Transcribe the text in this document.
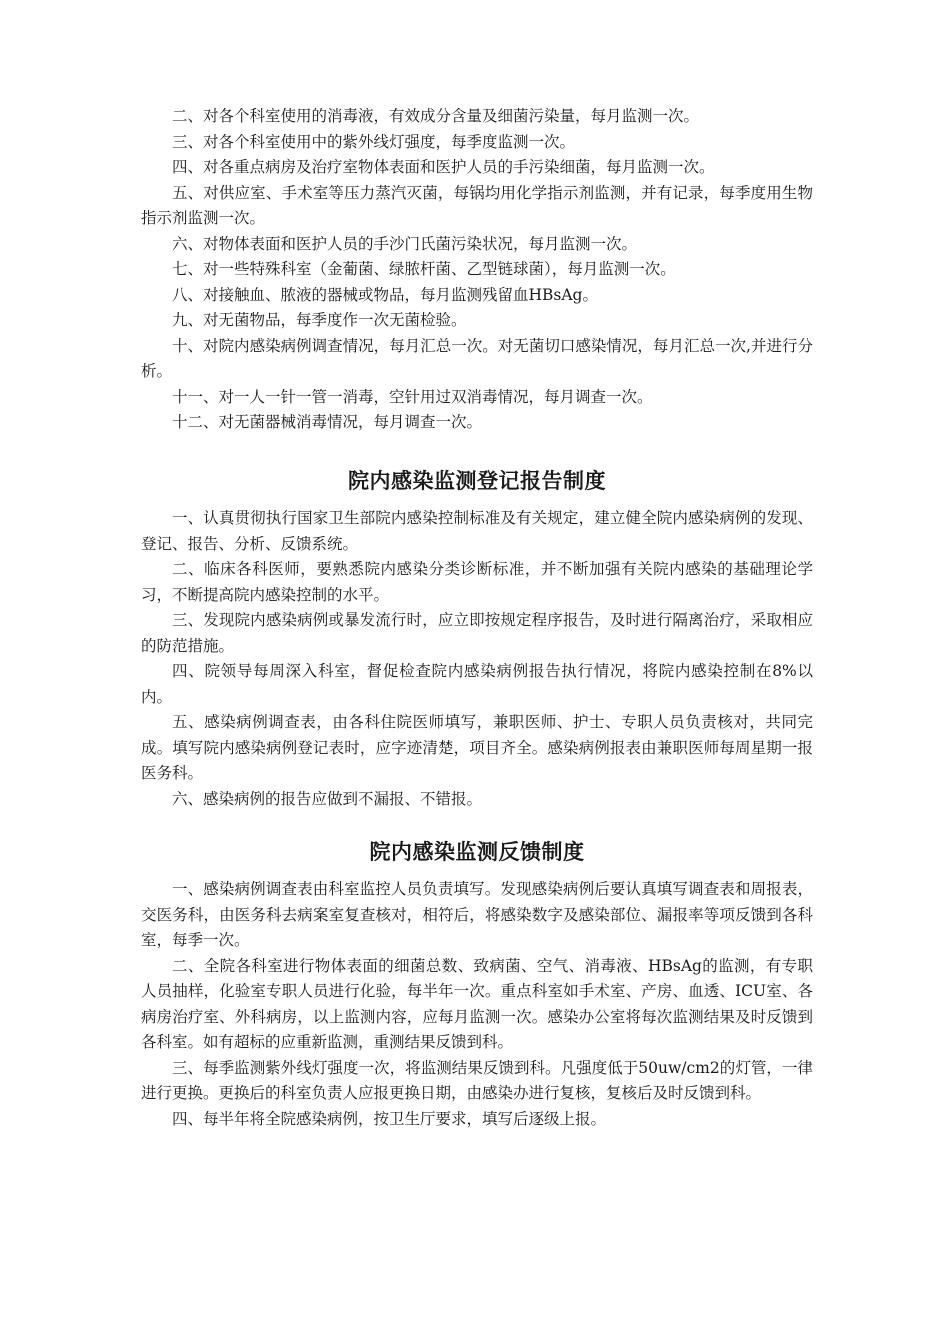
二、对各个科室使用的消毒液，有效成分含量及细菌污染量，每月监测一次。

三、对各个科室使用中的紫外线灯强度，每季度监测一次。

四、对各重点病房及治疗室物体表面和医护人员的手污染细菌，每月监测一次。

五、对供应室、手术室等压力蒸汽灭菌，每锅均用化学指示剂监测，并有记录，每季度用生物指示剂监测一次。

六、对物体表面和医护人员的手沙门氏菌污染状况，每月监测一次。

七、对一些特殊科室（金葡菌、绿脓杆菌、乙型链球菌），每月监测一次。

八、对接触血、脓液的器械或物品，每月监测残留血HBsAg。

九、对无菌物品，每季度作一次无菌检验。

十、对院内感染病例调查情况，每月汇总一次。对无菌切口感染情况，每月汇总一次,并进行分析。

十一、对一人一针一管一消毒，空针用过双消毒情况，每月调查一次。

十二、对无菌器械消毒情况，每月调查一次。

院内感染监测登记报告制度

一、认真贯彻执行国家卫生部院内感染控制标准及有关规定，建立健全院内感染病例的发现、登记、报告、分析、反馈系统。

二、临床各科医师，要熟悉院内感染分类诊断标准，并不断加强有关院内感染的基础理论学习，不断提高院内感染控制的水平。

三、发现院内感染病例或暴发流行时，应立即按规定程序报告，及时进行隔离治疗，采取相应的防范措施。

四、院领导每周深入科室，督促检查院内感染病例报告执行情况，将院内感染控制在8%以内。

五、感染病例调查表，由各科住院医师填写，兼职医师、护士、专职人员负责核对，共同完成。填写院内感染病例登记表时，应字迹清楚，项目齐全。感染病例报表由兼职医师每周星期一报医务科。

六、感染病例的报告应做到不漏报、不错报。

院内感染监测反馈制度

一、感染病例调查表由科室监控人员负责填写。发现感染病例后要认真填写调查表和周报表，交医务科，由医务科去病案室复查核对，相符后，将感染数字及感染部位、漏报率等项反馈到各科室，每季一次。

二、全院各科室进行物体表面的细菌总数、致病菌、空气、消毒液、HBsAg的监测，有专职人员抽样，化验室专职人员进行化验，每半年一次。重点科室如手术室、产房、血透、ICU室、各病房治疗室、外科病房，以上监测内容，应每月监测一次。感染办公室将每次监测结果及时反馈到各科室。如有超标的应重新监测，重测结果反馈到科。

三、每季监测紫外线灯强度一次，将监测结果反馈到科。凡强度低于50uw/cm2的灯管，一律进行更换。更换后的科室负责人应报更换日期，由感染办进行复核，复核后及时反馈到科。

四、每半年将全院感染病例，按卫生厅要求，填写后逐级上报。
